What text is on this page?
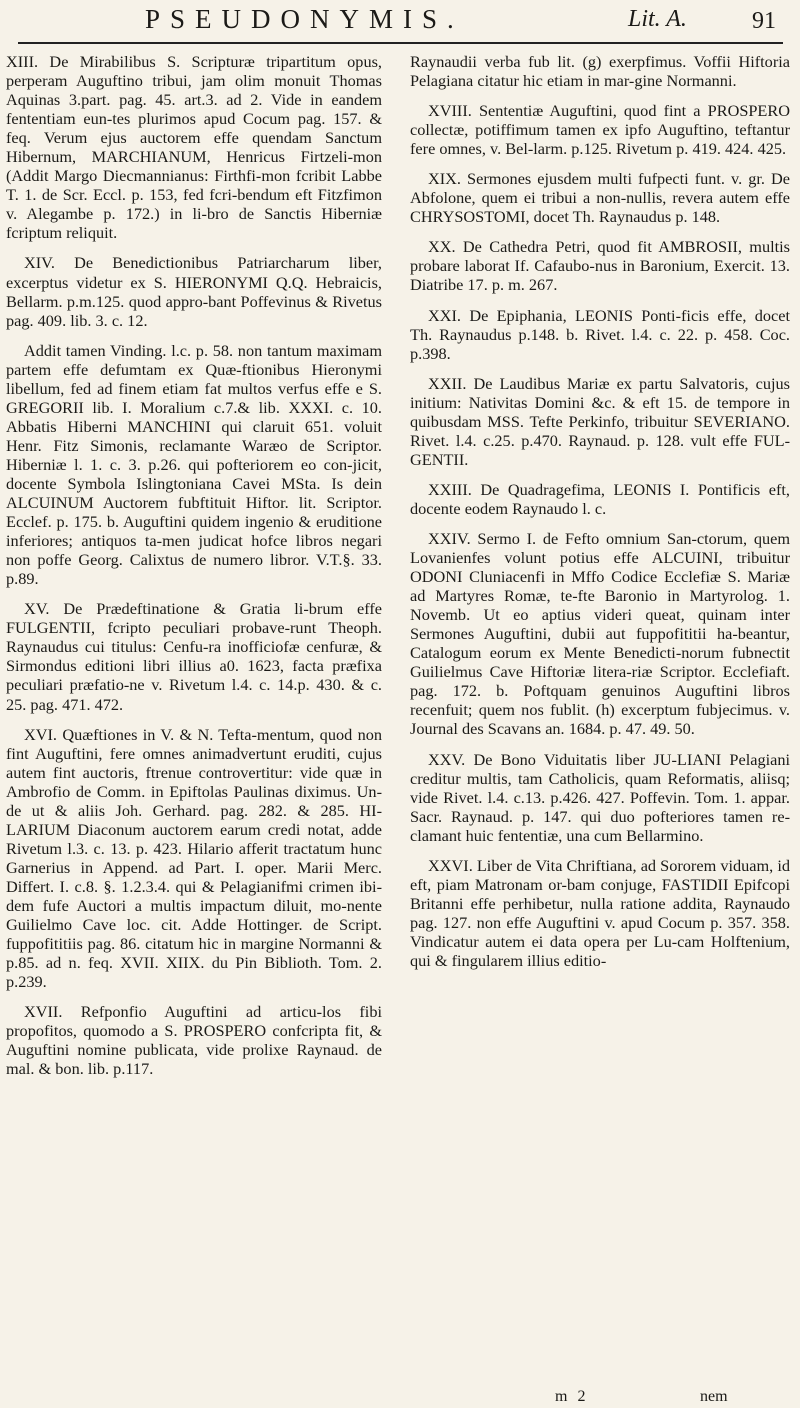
PSEUDONYMIS.	Lit. A.	91

XIII. De Mirabilibus S. Scripturæ tripartitum opus, perperam Auguftino tribui, jam olim monuit Thomas Aquinas 3.part. pag. 45. art.3. ad 2. Vide in eandem fententiam eun-tes plurimos apud Cocum pag. 157. & feq. Verum ejus auctorem effe quendam Sanctum Hibernum, MARCHIANUM, Henricus Firtzeli-mon (Addit Margo Diecmannianus: Firthfi-mon fcribit Labbe T. 1. de Scr. Eccl. p. 153, fed fcri-bendum eft Fitzfimon v. Alegambe p. 172.) in li-bro de Sanctis Hiberniæ fcriptum reliquit.

XIV. De Benedictionibus Patriarcharum liber, excerptus videtur ex S. HIERONYMI Q.Q. Hebraicis, Bellarm. p.m.125. quod appro-bant Poffevinus & Rivetus pag. 409. lib. 3. c. 12.

Addit tamen Vinding. l.c. p. 58. non tantum maximam partem effe defumtam ex Quæ-ftionibus Hieronymi libellum, fed ad finem etiam fat multos verfus effe e S. GREGORII lib. I. Moralium c.7.& lib. XXXI. c. 10. Abbatis Hiberni MANCHINI qui claruit 651. voluit Henr. Fitz Simonis, reclamante Waræo de Scriptor. Hiberniæ l. 1. c. 3. p.26. qui pofteriorem eo con-jicit, docente Symbola Islingtoniana Cavei MSta. Is dein ALCUINUM Auctorem fubftituit Hiftor. lit. Scriptor. Ecclef. p. 175. b. Auguftini quidem ingenio & eruditione inferiores; antiquos ta-men judicat hofce libros negari non poffe Georg. Calixtus de numero libror. V.T.§. 33. p.89.

XV. De Prædeftinatione & Gratia li-brum effe FULGENTII, fcripto peculiari probave-runt Theoph. Raynaudus cui titulus: Cenfu-ra inofficiofæ cenfuræ, & Sirmondus editioni libri illius a0. 1623, facta præfixa peculiari præfatio-ne v. Rivetum l.4. c. 14.p. 430. & c. 25. pag. 471. 472.

XVI. Quæftiones in V. & N. Tefta-mentum, quod non fint Auguftini, fere omnes animadvertunt eruditi, cujus autem fint auctoris, ftrenue controvertitur: vide quæ in Ambrofio de Comm. in Epiftolas Paulinas diximus. Un-de ut & aliis Joh. Gerhard. pag. 282. & 285. HI-LARIUM Diaconum auctorem earum credi notat, adde Rivetum l.3. c. 13. p. 423. Hilario afferit tractatum hunc Garnerius in Append. ad Part. I. oper. Marii Merc. Differt. I. c.8. §. 1.2.3.4. qui & Pelagianifmi crimen ibi-dem fufe Auctori a multis impactum diluit, mo-nente Guilielmo Cave loc. cit. Adde Hottinger. de Script. fuppofititiis pag. 86. citatum hic in margine Normanni & p.85. ad n. feq. XVII. XIIX. du Pin Biblioth. Tom. 2. p.239.

XVII. Refponfio Auguftini ad articu-los fibi propofitos, quomodo a S. PROSPERO confcripta fit, & Auguftini nomine publicata, vide prolixe Raynaud. de mal. & bon. lib. p.117.

Raynaudii verba fub lit. (g) exerpfimus. Voffii Hiftoria Pelagiana citatur hic etiam in mar-gine Normanni.

XVIII. Sententiæ Auguftini, quod fint a PROSPERO collectæ, potiffimum tamen ex ipfo Auguftino, teftantur fere omnes, v. Bel-larm. p.125. Rivetum p. 419. 424. 425.

XIX. Sermones ejusdem multi fufpecti funt. v. gr. De Abfolone, quem ei tribui a non-nullis, revera autem effe CHRYSOSTOMI, docet Th. Raynaudus p. 148.

XX. De Cathedra Petri, quod fit AMBROSII, multis probare laborat If. Cafaubo-nus in Baronium, Exercit. 13. Diatribe 17. p. m. 267.

XXI. De Epiphania, LEONIS Ponti-ficis effe, docet Th. Raynaudus p.148. b. Rivet. l.4. c. 22. p. 458. Coc. p.398.

XXII. De Laudibus Mariæ ex partu Salvatoris, cujus initium: Nativitas Domini &c. & eft 15. de tempore in quibusdam MSS. Tefte Perkinfo, tribuitur SEVERIANO. Rivet. l.4. c.25. p.470. Raynaud. p. 128. vult effe FUL-GENTII.

XXIII. De Quadragefima, LEONIS I. Pontificis eft, docente eodem Raynaudo l. c.

XXIV. Sermo I. de Fefto omnium San-ctorum, quem Lovanienfes volunt potius effe ALCUINI, tribuitur ODONI Cluniacenfi in Mffo Codice Ecclefiæ S. Mariæ ad Martyres Romæ, te-fte Baronio in Martyrolog. 1. Novemb. Ut eo aptius videri queat, quinam inter Sermones Auguftini, dubii aut fuppofititii ha-beantur, Catalogum eorum ex Mente Benedicti-norum fubnectit Guilielmus Cave Hiftoriæ litera-riæ Scriptor. Ecclefiaft. pag. 172. b. Poftquam genuinos Auguftini libros recenfuit; quem nos fublit. (h) excerptum fubjecimus. v. Journal des Scavans an. 1684. p. 47. 49. 50.

XXV. De Bono Viduitatis liber JU-LIANI Pelagiani creditur multis, tam Catholicis, quam Reformatis, aliisq; vide Rivet. l.4. c.13. p.426. 427. Poffevin. Tom. 1. appar. Sacr. Raynaud. p. 147. qui duo pofteriores tamen re-clamant huic fententiæ, una cum Bellarmino.

XXVI. Liber de Vita Chriftiana, ad Sororem viduam, id eft, piam Matronam or-bam conjuge, FASTIDII Epifcopi Britanni effe perhibetur, nulla ratione addita, Raynaudo pag. 127. non effe Auguftini v. apud Cocum p. 357. 358. Vindicatur autem ei data opera per Lu-cam Holftenium, qui & fingularem illius editio-

m 2	nem
